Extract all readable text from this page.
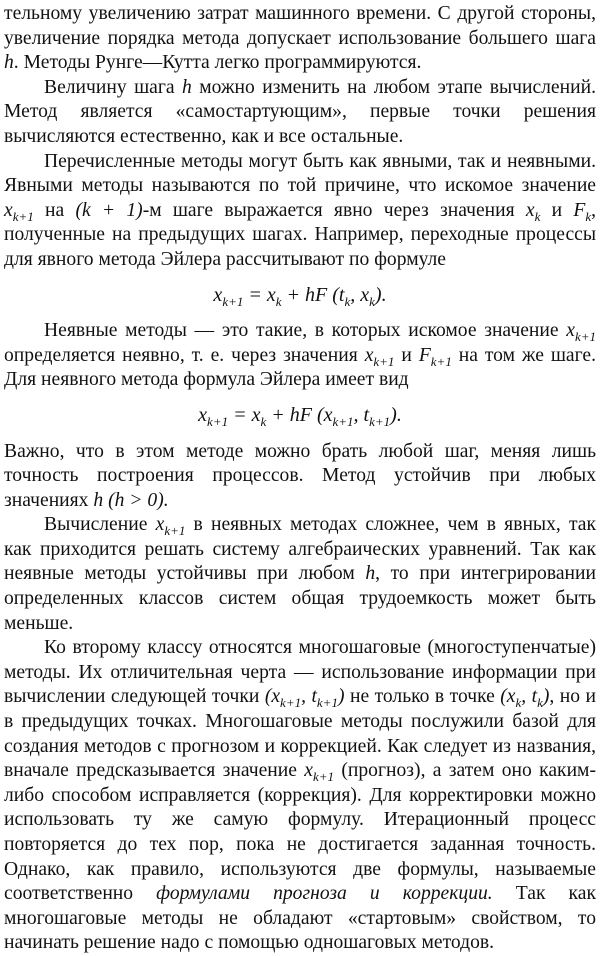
тельному увеличению затрат машинного времени. С другой стороны, увеличение порядка метода допускает использование большего шага h. Методы Рунге—Кутта легко программируются.

Величину шага h можно изменить на любом этапе вычислений. Метод является «самостартующим», первые точки решения вычисляются естественно, как и все остальные.

Перечисленные методы могут быть как явными, так и неявными. Явными методы называются по той причине, что искомое значение $x_{k+1}$ на (k + 1)-м шаге выражается явно через значения $x_k$ и $F_k$, полученные на предыдущих шагах. Например, переходные процессы для явного метода Эйлера рассчитывают по формуле

$x_{k+1} = x_k$ + hF ($t_k$, $x_k$).

Неявные методы — это такие, в которых искомое значение $x_{k+1}$ определяется неявно, т. е. через значения $x_{k+1}$ и $F_{k+1}$ на том же шаге. Для неявного метода формула Эйлера имеет вид

$x_{k+1} = x_k$ + hF ($x_{k+1}$, $t_{k+1}$).

Важно, что в этом методе можно брать любой шаг, меняя лишь точность построения процессов. Метод устойчив при любых значениях h (h > 0).

Вычисление $x_{k+1}$ в неявных методах сложнее, чем в явных, так как приходится решать систему алгебраических уравнений. Так как неявные методы устойчивы при любом h, то при интегрировании определенных классов систем общая трудоемкость может быть меньше.

Ко второму классу относятся многошаговые (многоступенчатые) методы. Их отличительная черта — использование информации при вычислении следующей точки ($x_{k+1}$, $t_{k+1}$) не только в точке ($x_k$, $t_k$), но и в предыдущих точках. Многошаговые методы послужили базой для создания методов с прогнозом и коррекцией. Как следует из названия, вначале предсказывается значение $x_{k+1}$ (прогноз), а затем оно каким-либо способом исправляется (коррекция). Для корректировки можно использовать ту же самую формулу. Итерационный процесс повторяется до тех пор, пока не достигается заданная точность. Однако, как правило, используются две формулы, называемые соответственно формулами прогноза и коррекции. Так как многошаговые методы не обладают «стартовым» свойством, то начинать решение надо с помощью одношаговых методов.
